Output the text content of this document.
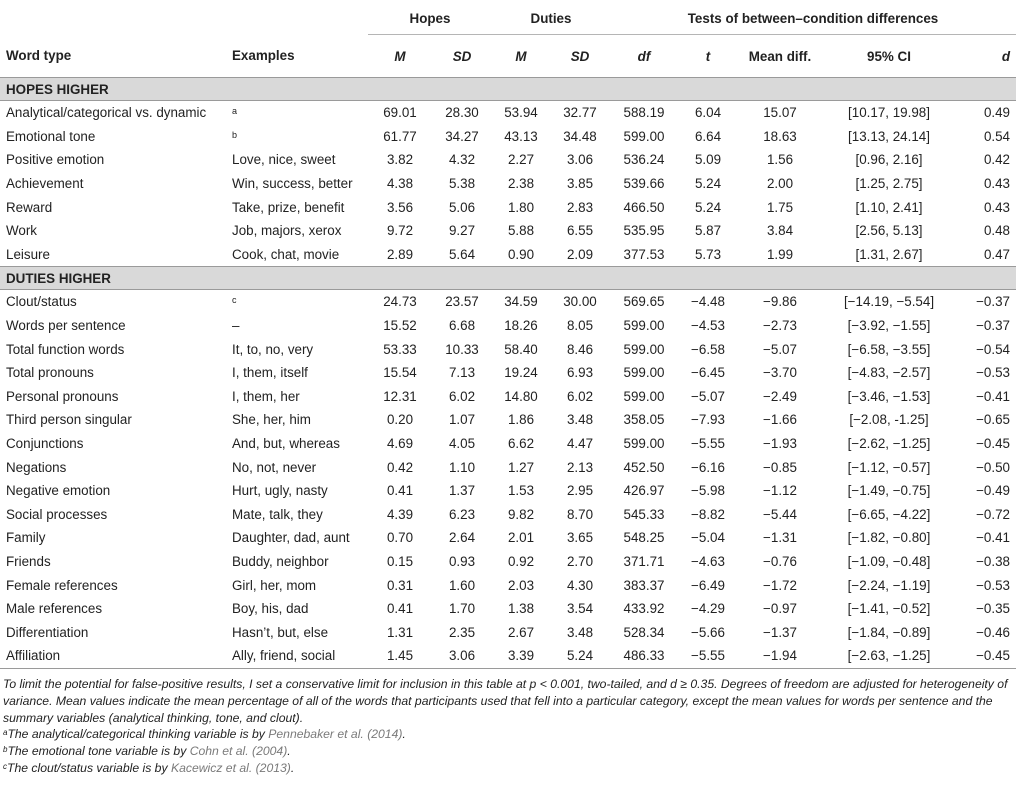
		Hopes		Duties		Tests of between–condition differences				
Word type	Examples	M	SD	M	SD	df	t	Mean diff.	95% CI	d
HOPES HIGHER										
Analytical/categorical vs. dynamic	$^a$	69.01	28.30	53.94	32.77	588.19	6.04	15.07	[10.17, 19.98]	0.49
Emotional tone	$^b$	61.77	34.27	43.13	34.48	599.00	6.64	18.63	[13.13, 24.14]	0.54
Positive emotion	Love, nice, sweet	3.82	4.32	2.27	3.06	536.24	5.09	1.56	[0.96, 2.16]	0.42
Achievement	Win, success, better	4.38	5.38	2.38	3.85	539.66	5.24	2.00	[1.25, 2.75]	0.43
Reward	Take, prize, benefit	3.56	5.06	1.80	2.83	466.50	5.24	1.75	[1.10, 2.41]	0.43
Work	Job, majors, xerox	9.72	9.27	5.88	6.55	535.95	5.87	3.84	[2.56, 5.13]	0.48
Leisure	Cook, chat, movie	2.89	5.64	0.90	2.09	377.53	5.73	1.99	[1.31, 2.67]	0.47
DUTIES HIGHER										
Clout/status	$^c$	24.73	23.57	34.59	30.00	569.65	−4.48	−9.86	[−14.19, −5.54]	−0.37
Words per sentence	–	15.52	6.68	18.26	8.05	599.00	−4.53	−2.73	[−3.92, −1.55]	−0.37
Total function words	It, to, no, very	53.33	10.33	58.40	8.46	599.00	−6.58	−5.07	[−6.58, −3.55]	−0.54
Total pronouns	I, them, itself	15.54	7.13	19.24	6.93	599.00	−6.45	−3.70	[−4.83, −2.57]	−0.53
Personal pronouns	I, them, her	12.31	6.02	14.80	6.02	599.00	−5.07	−2.49	[−3.46, −1.53]	−0.41
Third person singular	She, her, him	0.20	1.07	1.86	3.48	358.05	−7.93	−1.66	[−2.08, -1.25]	−0.65
Conjunctions	And, but, whereas	4.69	4.05	6.62	4.47	599.00	−5.55	−1.93	[−2.62, −1.25]	−0.45
Negations	No, not, never	0.42	1.10	1.27	2.13	452.50	−6.16	−0.85	[−1.12, −0.57]	−0.50
Negative emotion	Hurt, ugly, nasty	0.41	1.37	1.53	2.95	426.97	−5.98	−1.12	[−1.49, −0.75]	−0.49
Social processes	Mate, talk, they	4.39	6.23	9.82	8.70	545.33	−8.82	−5.44	[−6.65, −4.22]	−0.72
Family	Daughter, dad, aunt	0.70	2.64	2.01	3.65	548.25	−5.04	−1.31	[−1.82, −0.80]	−0.41
Friends	Buddy, neighbor	0.15	0.93	0.92	2.70	371.71	−4.63	−0.76	[−1.09, −0.48]	−0.38
Female references	Girl, her, mom	0.31	1.60	2.03	4.30	383.37	−6.49	−1.72	[−2.24, −1.19]	−0.53
Male references	Boy, his, dad	0.41	1.70	1.38	3.54	433.92	−4.29	−0.97	[−1.41, −0.52]	−0.35
Differentiation	Hasn’t, but, else	1.31	2.35	2.67	3.48	528.34	−5.66	−1.37	[−1.84, −0.89]	−0.46
Affiliation	Ally, friend, social	1.45	3.06	3.39	5.24	486.33	−5.55	−1.94	[−2.63, −1.25]	−0.45

To limit the potential for false-positive results, I set a conservative limit for inclusion in this table at p < 0.001, two-tailed, and d ≥ 0.35. Degrees of freedom are adjusted for heterogeneity of variance. Mean values indicate the mean percentage of all of the words that participants used that fell into a particular category, except the mean values for words per sentence and the summary variables (analytical thinking, tone, and clout).

$^a$The analytical/categorical thinking variable is by Pennebaker et al. (2014).

$^b$The emotional tone variable is by Cohn et al. (2004).

$^c$The clout/status variable is by Kacewicz et al. (2013).
